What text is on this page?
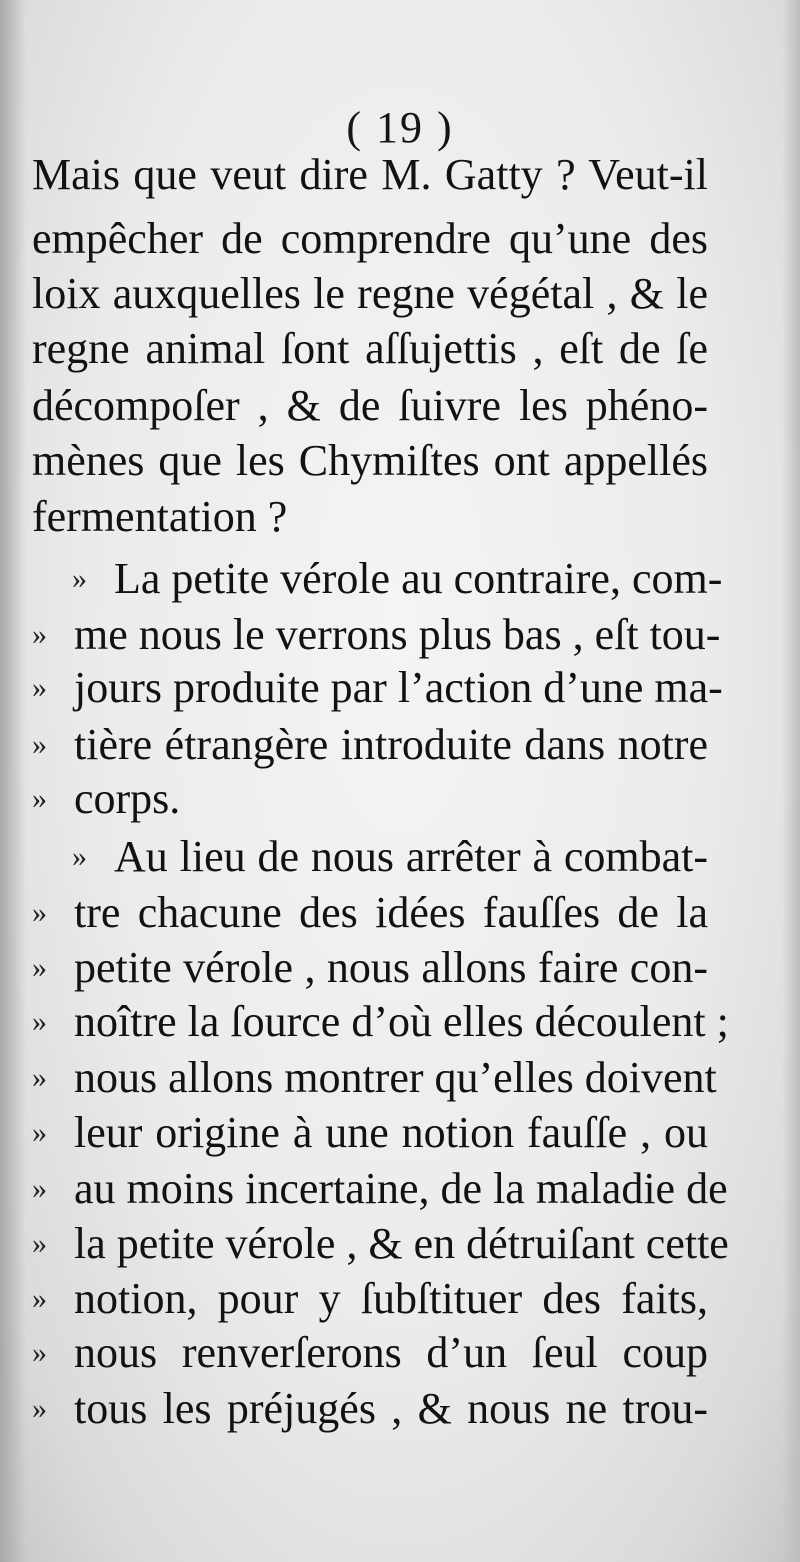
( 19 )
Mais que veut dire M. Gatty ? Veut-il
empêcher de comprendre qu’une des
loix auxquelles le regne végétal , & le
regne animal ſont aſſujettis , eſt de ſe
décompoſer , & de ſuivre les phéno-
mènes que les Chymiſtes ont appellés
fermentation ?
» La petite vérole au contraire, com-
» me nous le verrons plus bas , eſt tou-
» jours produite par l’action d’une ma-
» tière étrangère introduite dans notre
» corps.
» Au lieu de nous arrêter à combat-
» tre chacune des idées fauſſes de la
» petite vérole , nous allons faire con-
» noître la ſource d’où elles découlent ;
» nous allons montrer qu’elles doivent
» leur origine à une notion fauſſe , ou
» au moins incertaine, de la maladie de
» la petite vérole , & en détruiſant cette
» notion, pour y ſubſtituer des faits,
» nous renverſerons d’un ſeul coup
» tous les préjugés , & nous ne trou-
